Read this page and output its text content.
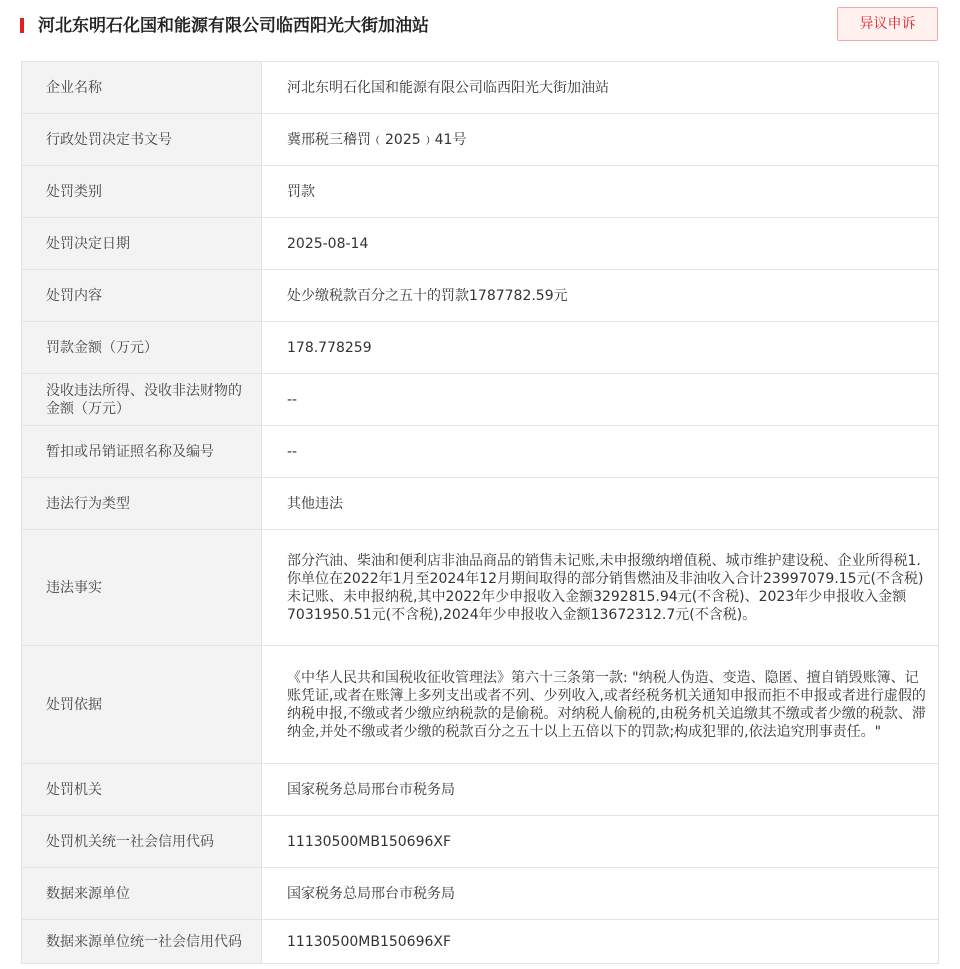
河北东明石化国和能源有限公司临西阳光大街加油站	异议申诉
企业名称	河北东明石化国和能源有限公司临西阳光大街加油站
行政处罚决定书文号	冀邢税三稽罚﹙2025﹚41号
处罚类别	罚款
处罚决定日期	2025-08-14
处罚内容	处少缴税款百分之五十的罚款1787782.59元
罚款金额（万元）	178.778259
没收违法所得、没收非法财物的金额（万元）	--
暂扣或吊销证照名称及编号	--
违法行为类型	其他违法
违法事实	部分汽油、柴油和便利店非油品商品的销售未记账,未申报缴纳增值税、城市维护建设税、企业所得税1.你单位在2022年1月至2024年12月期间取得的部分销售燃油及非油收入合计23997079.15元(不含税)未记账、未申报纳税,其中2022年少申报收入金额3292815.94元(不含税)、2023年少申报收入金额7031950.51元(不含税),2024年少申报收入金额13672312.7元(不含税)。
处罚依据	《中华人民共和国税收征收管理法》第六十三条第一款: "纳税人伪造、变造、隐匿、擅自销毁账簿、记账凭证,或者在账簿上多列支出或者不列、少列收入,或者经税务机关通知申报而拒不申报或者进行虚假的纳税申报,不缴或者少缴应纳税款的是偷税。对纳税人偷税的,由税务机关追缴其不缴或者少缴的税款、滞纳金,并处不缴或者少缴的税款百分之五十以上五倍以下的罚款;构成犯罪的,依法追究刑事责任。"
处罚机关	国家税务总局邢台市税务局
处罚机关统一社会信用代码	11130500MB150696XF
数据来源单位	国家税务总局邢台市税务局
数据来源单位统一社会信用代码	11130500MB150696XF
